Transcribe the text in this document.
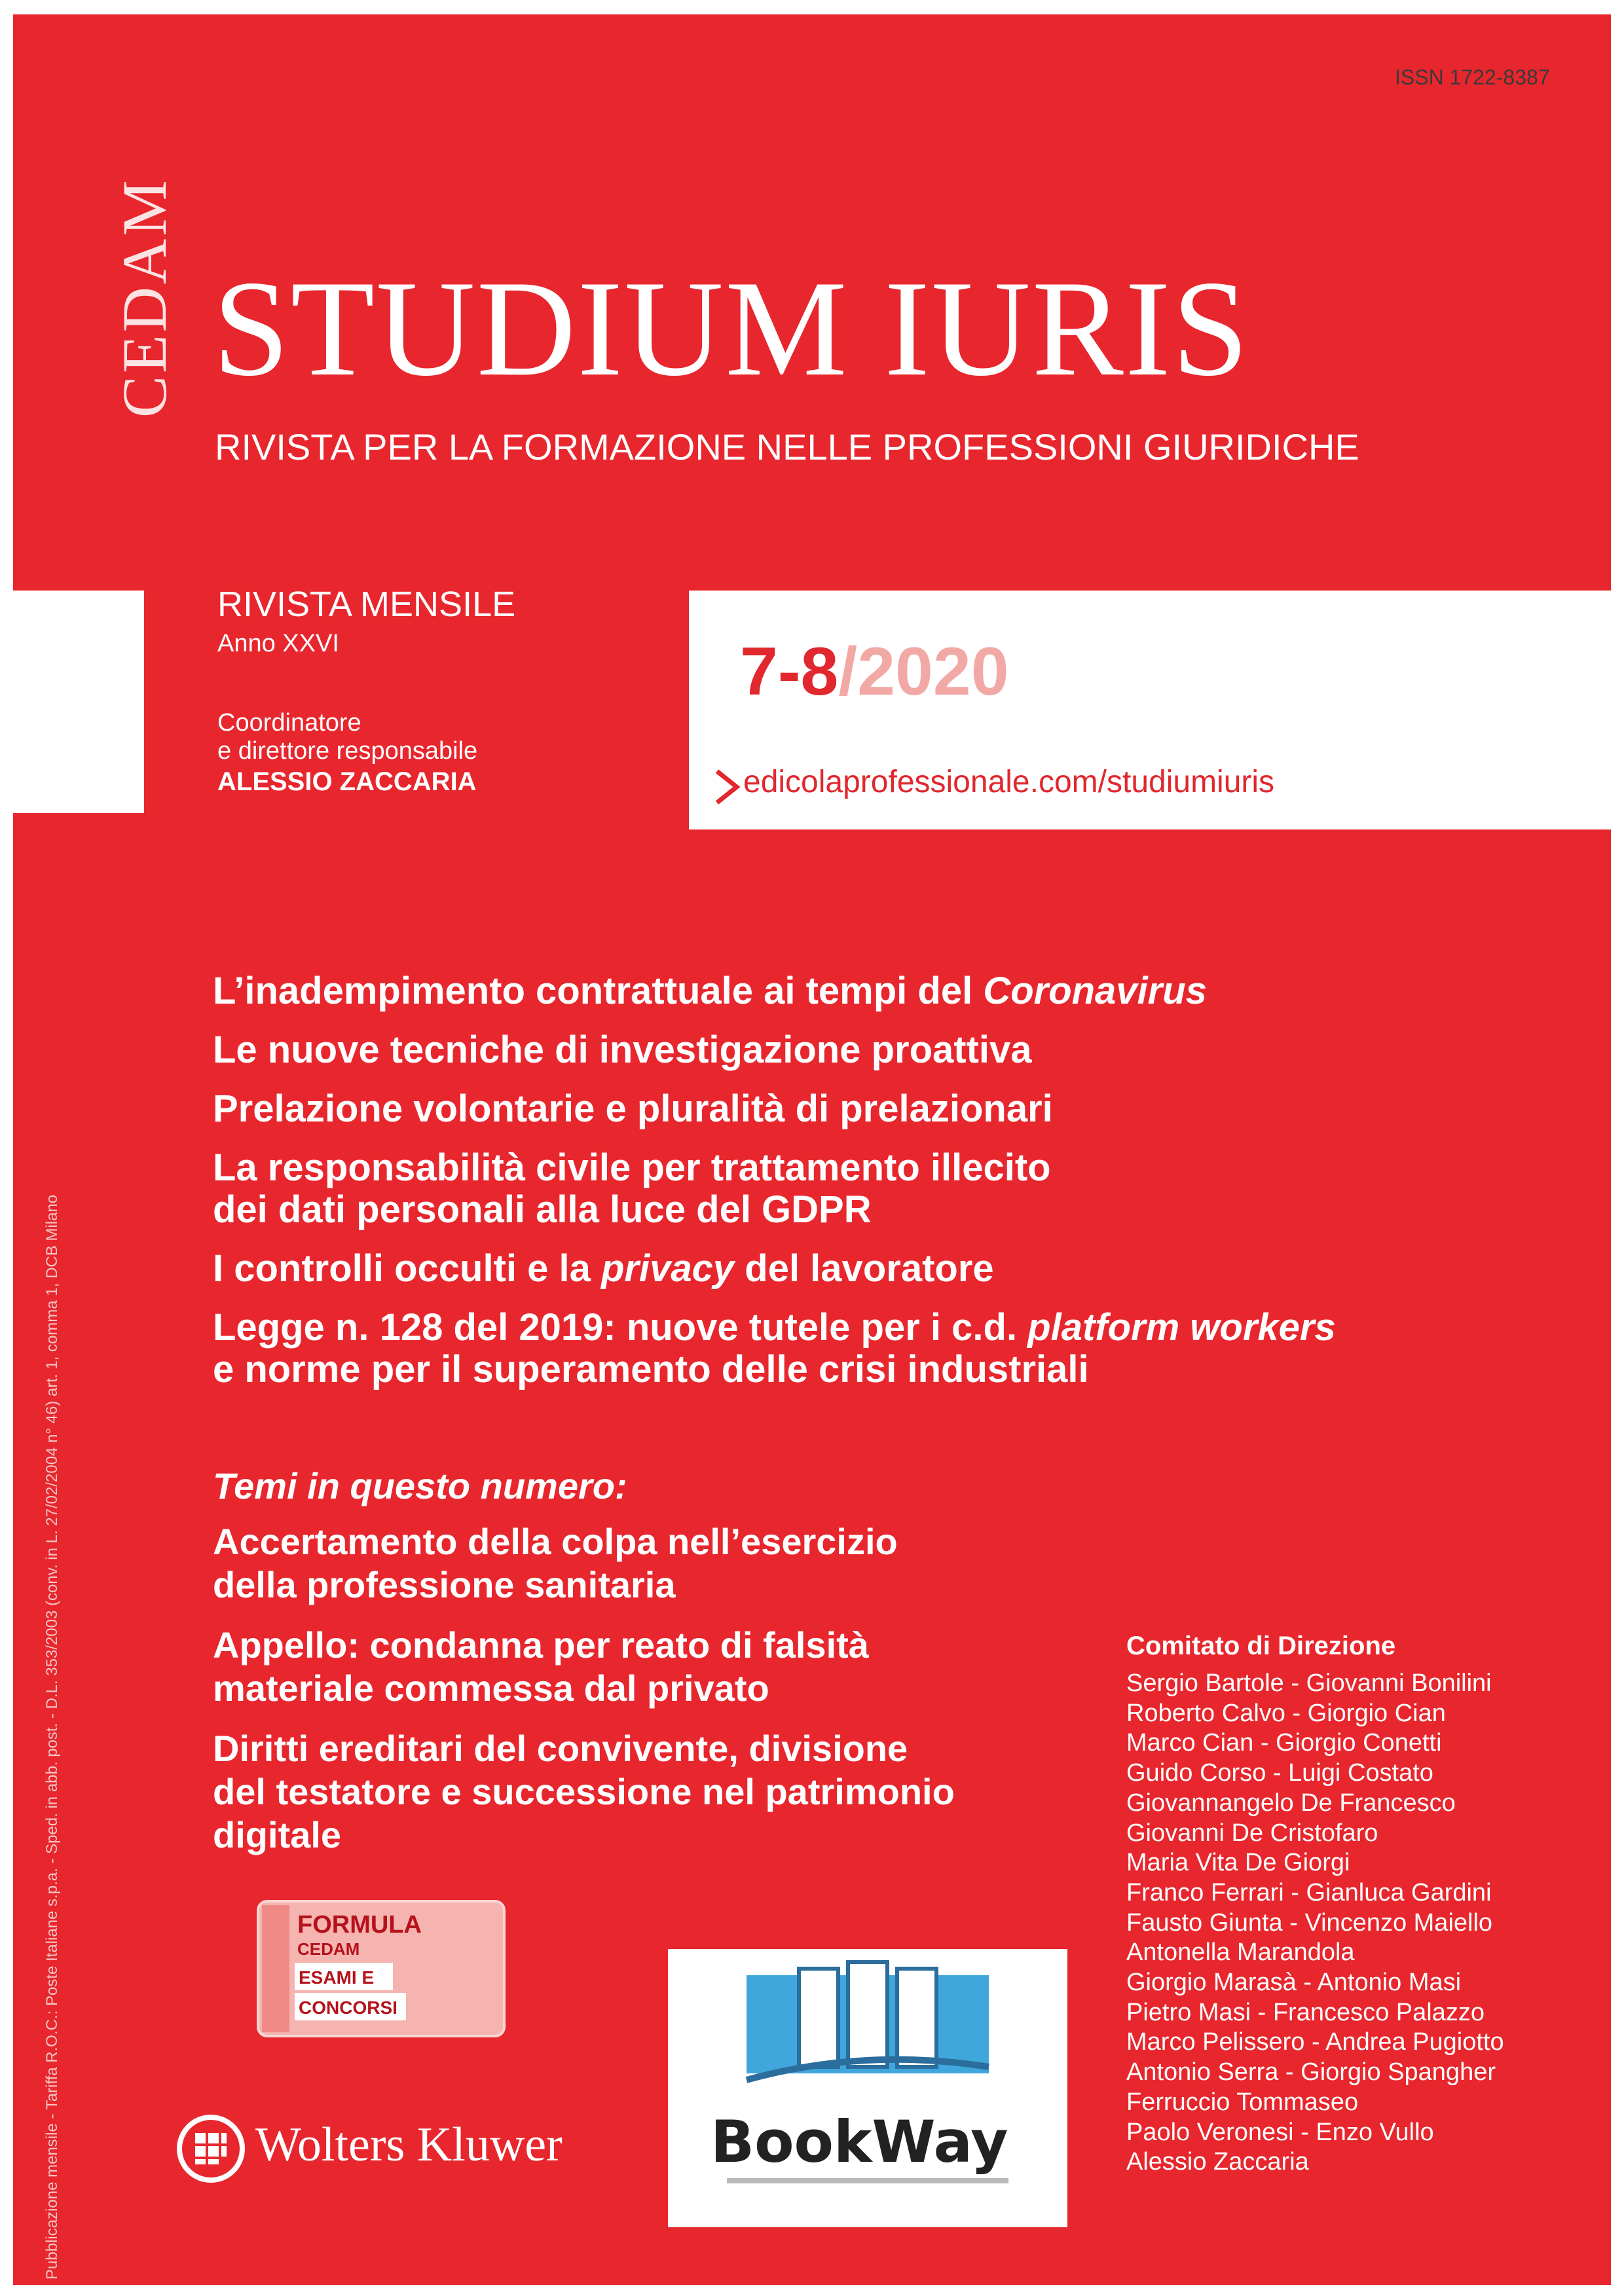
ISSN 1722-8387
CEDAM STUDIUM IURIS
RIVISTA PER LA FORMAZIONE NELLE PROFESSIONI GIURIDICHE
RIVISTA MENSILE
Anno XXVI
Coordinatore
e direttore responsabile
ALESSIO ZACCARIA
7-8/2020
edicolaprofessionale.com/studiumiuris
L’inadempimento contrattuale ai tempi del Coronavirus
Le nuove tecniche di investigazione proattiva
Prelazione volontarie e pluralità di prelazionari
La responsabilità civile per trattamento illecito
dei dati personali alla luce del GDPR
I controlli occulti e la privacy del lavoratore
Legge n. 128 del 2019: nuove tutele per i c.d. platform workers
e norme per il superamento delle crisi industriali
Temi in questo numero:
Accertamento della colpa nell’esercizio
della professione sanitaria
Appello: condanna per reato di falsità
materiale commessa dal privato
Diritti ereditari del convivente, divisione
del testatore e successione nel patrimonio
digitale
Comitato di Direzione
Sergio Bartole - Giovanni Bonilini
Roberto Calvo - Giorgio Cian
Marco Cian - Giorgio Conetti
Guido Corso - Luigi Costato
Giovannangelo De Francesco
Giovanni De Cristofaro
Maria Vita De Giorgi
Franco Ferrari - Gianluca Gardini
Fausto Giunta - Vincenzo Maiello
Antonella Marandola
Giorgio Marasà - Antonio Masi
Pietro Masi - Francesco Palazzo
Marco Pelissero - Andrea Pugiotto
Antonio Serra - Giorgio Spangher
Ferruccio Tommaseo
Paolo Veronesi - Enzo Vullo
Alessio Zaccaria
FORMULA
CEDAM
ESAMI E
CONCORSI
Wolters Kluwer	BookWay
Pubblicazione mensile - Tariffa R.O.C.: Poste Italiane s.p.a. - Sped. in abb. post. - D.L. 353/2003 (conv. in L. 27/02/2004 n° 46) art. 1, comma 1, DCB Milano
